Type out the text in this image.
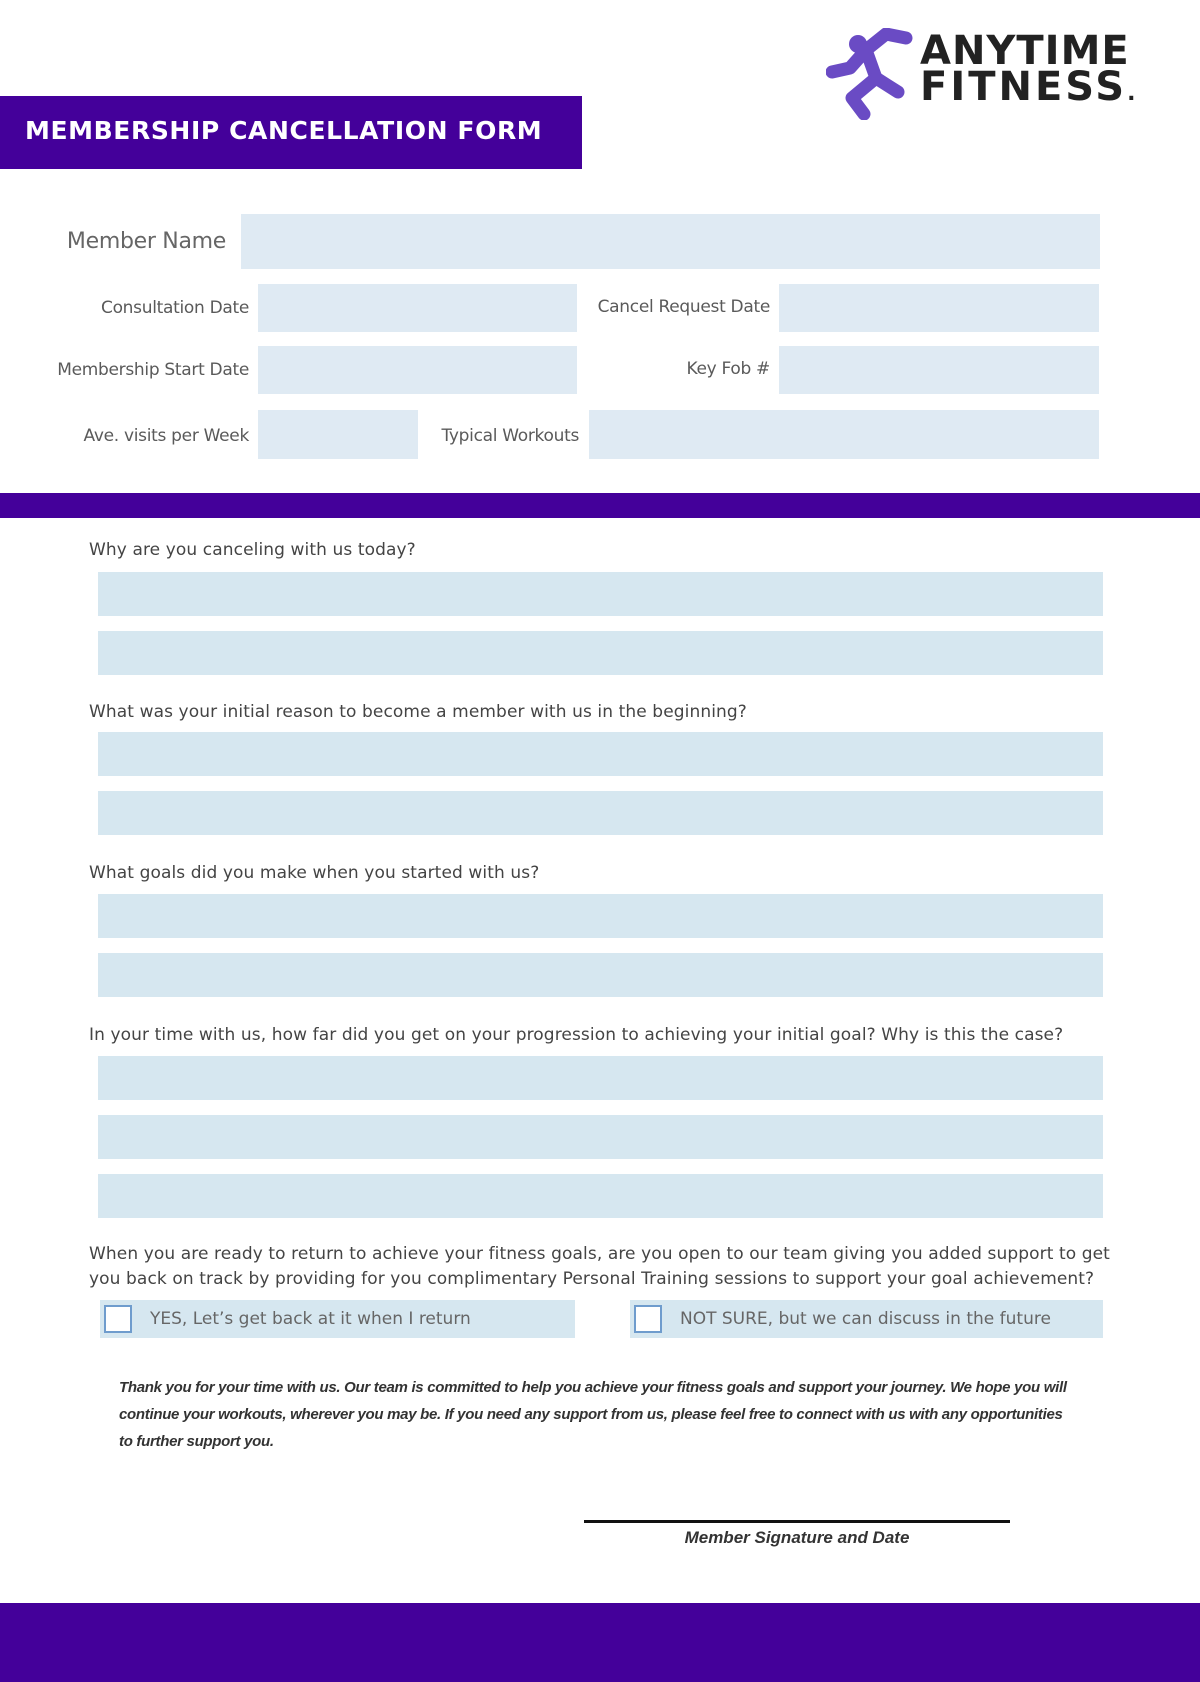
ANYTIME
FITNESS.
MEMBERSHIP CANCELLATION FORM
Member Name
Consultation Date	Cancel Request Date
Membership Start Date	Key Fob #
Ave. visits per Week	Typical Workouts
Why are you canceling with us today?
What was your initial reason to become a member with us in the beginning?
What goals did you make when you started with us?
In your time with us, how far did you get on your progression to achieving your initial goal? Why is this the case?
When you are ready to return to achieve your fitness goals, are you open to our team giving you added support to get
you back on track by providing for you complimentary Personal Training sessions to support your goal achievement?
YES, Let’s get back at it when I return	NOT SURE, but we can discuss in the future
Thank you for your time with us. Our team is committed to help you achieve your fitness goals and support your journey. We hope you will
continue your workouts, wherever you may be. If you need any support from us, please feel free to connect with us with any opportunities
to further support you.
Member Signature and Date
